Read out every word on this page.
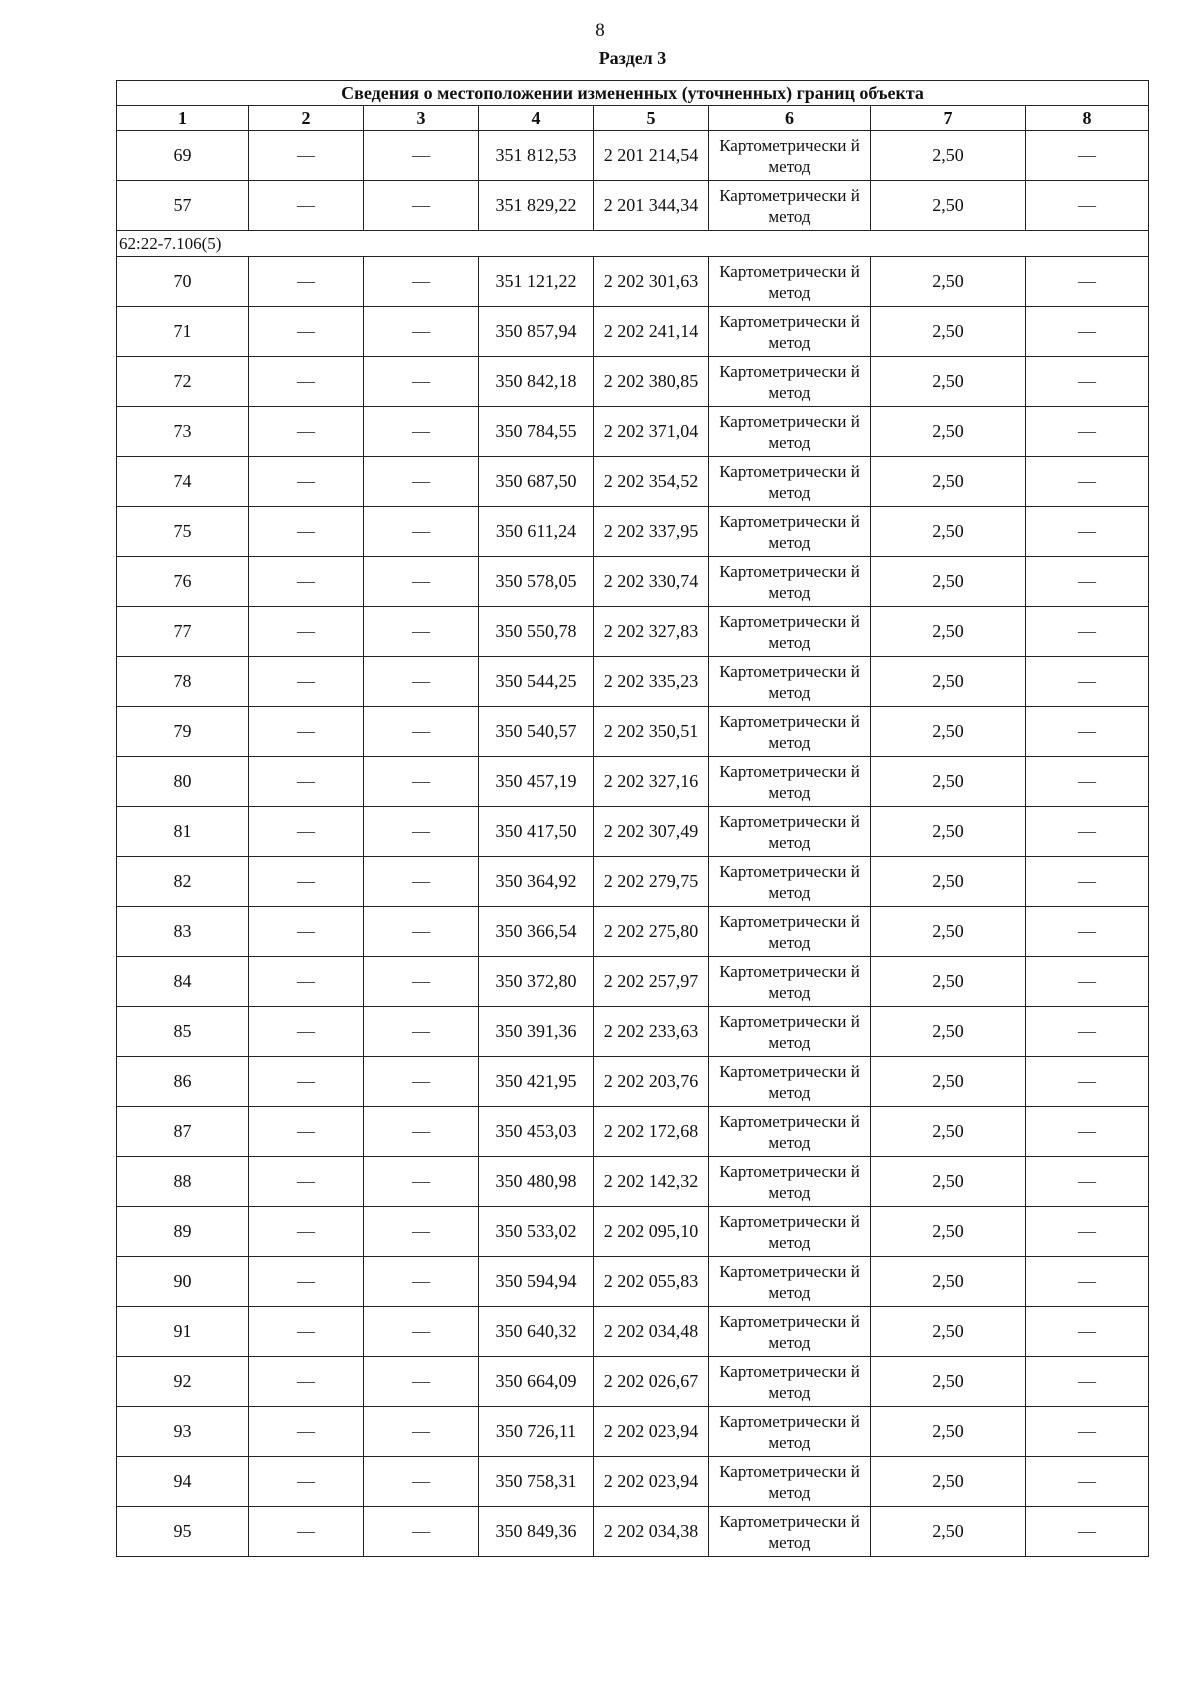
8
Раздел 3
Сведения о местоположении измененных (уточненных) границ объекта							
1	2	3	4	5	6	7	8
69	—	—	351 812,53	2 201 214,54	Картометрически й метод	2,50	—
57	—	—	351 829,22	2 201 344,34	Картометрически й метод	2,50	—
62:22-7.106(5)							
70	—	—	351 121,22	2 202 301,63	Картометрически й метод	2,50	—
71	—	—	350 857,94	2 202 241,14	Картометрически й метод	2,50	—
72	—	—	350 842,18	2 202 380,85	Картометрически й метод	2,50	—
73	—	—	350 784,55	2 202 371,04	Картометрически й метод	2,50	—
74	—	—	350 687,50	2 202 354,52	Картометрически й метод	2,50	—
75	—	—	350 611,24	2 202 337,95	Картометрически й метод	2,50	—
76	—	—	350 578,05	2 202 330,74	Картометрически й метод	2,50	—
77	—	—	350 550,78	2 202 327,83	Картометрически й метод	2,50	—
78	—	—	350 544,25	2 202 335,23	Картометрически й метод	2,50	—
79	—	—	350 540,57	2 202 350,51	Картометрически й метод	2,50	—
80	—	—	350 457,19	2 202 327,16	Картометрически й метод	2,50	—
81	—	—	350 417,50	2 202 307,49	Картометрически й метод	2,50	—
82	—	—	350 364,92	2 202 279,75	Картометрически й метод	2,50	—
83	—	—	350 366,54	2 202 275,80	Картометрически й метод	2,50	—
84	—	—	350 372,80	2 202 257,97	Картометрически й метод	2,50	—
85	—	—	350 391,36	2 202 233,63	Картометрически й метод	2,50	—
86	—	—	350 421,95	2 202 203,76	Картометрически й метод	2,50	—
87	—	—	350 453,03	2 202 172,68	Картометрически й метод	2,50	—
88	—	—	350 480,98	2 202 142,32	Картометрически й метод	2,50	—
89	—	—	350 533,02	2 202 095,10	Картометрически й метод	2,50	—
90	—	—	350 594,94	2 202 055,83	Картометрически й метод	2,50	—
91	—	—	350 640,32	2 202 034,48	Картометрически й метод	2,50	—
92	—	—	350 664,09	2 202 026,67	Картометрически й метод	2,50	—
93	—	—	350 726,11	2 202 023,94	Картометрически й метод	2,50	—
94	—	—	350 758,31	2 202 023,94	Картометрически й метод	2,50	—
95	—	—	350 849,36	2 202 034,38	Картометрически й метод	2,50	—
